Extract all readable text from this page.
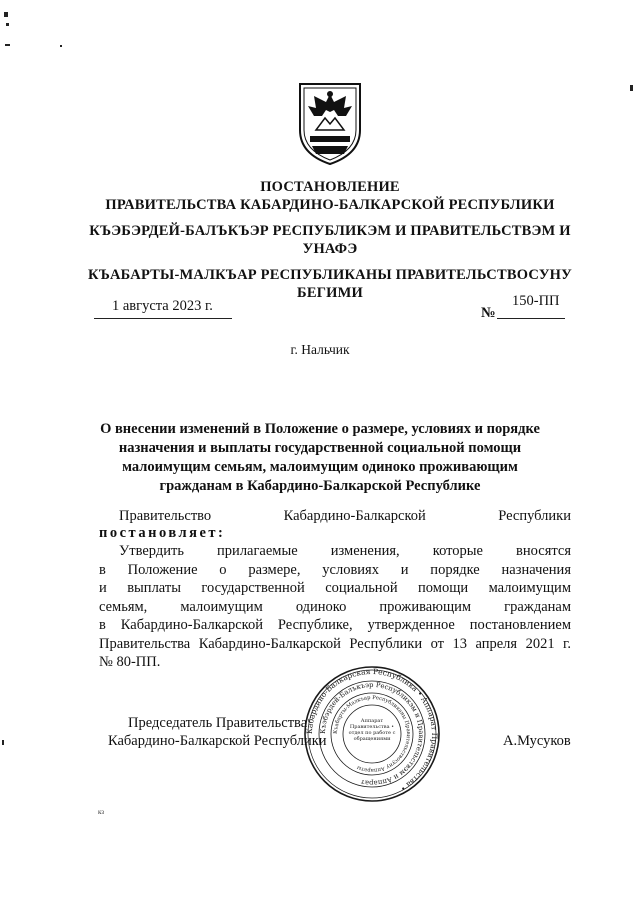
ПОСТАНОВЛЕНИЕ
ПРАВИТЕЛЬСТВА КАБАРДИНО-БАЛКАРСКОЙ РЕСПУБЛИКИ
КЪЭБЭРДЕЙ-БАЛЪКЪЭР РЕСПУБЛИКЭМ И ПРАВИТЕЛЬСТВЭМ И
УНАФЭ
КЪАБАРТЫ-МАЛКЪАР РЕСПУБЛИКАНЫ ПРАВИТЕЛЬСТВОСУНУ
БЕГИМИ
1 августа 2023 г.	№
150-ПП
г. Нальчик
О внесении изменений в Положение о размере, условиях и порядке
назначения и выплаты государственной социальной помощи
малоимущим семьям, малоимущим одиноко проживающим
гражданам в Кабардино-Балкарской Республике
Правительство Кабардино-Балкарской Республики
постановляет:
Утвердить прилагаемые изменения, которые вносятся
в Положение о размере, условиях и порядке назначения
и выплаты государственной социальной помощи малоимущим
семьям, малоимущим одиноко проживающим гражданам
в Кабардино-Балкарской Республике, утвержденное постановлением
Правительства Кабардино-Балкарской Республики от 13 апреля 2021 г.
№ 80-ПП.
Кабардино-Балкарская Республика • Аппарат Правительства •
Къэбэрдей-Балъкъэр Республикэм и Правительствэм и Аппарат
Къабарты-Малкъар Республиканы Правительствосуну Аппараты
Аппарат Правительства • отдел по работе с обращениями
Председатель Правительства
Кабардино-Балкарской Республики	А.Мусуков
кз
